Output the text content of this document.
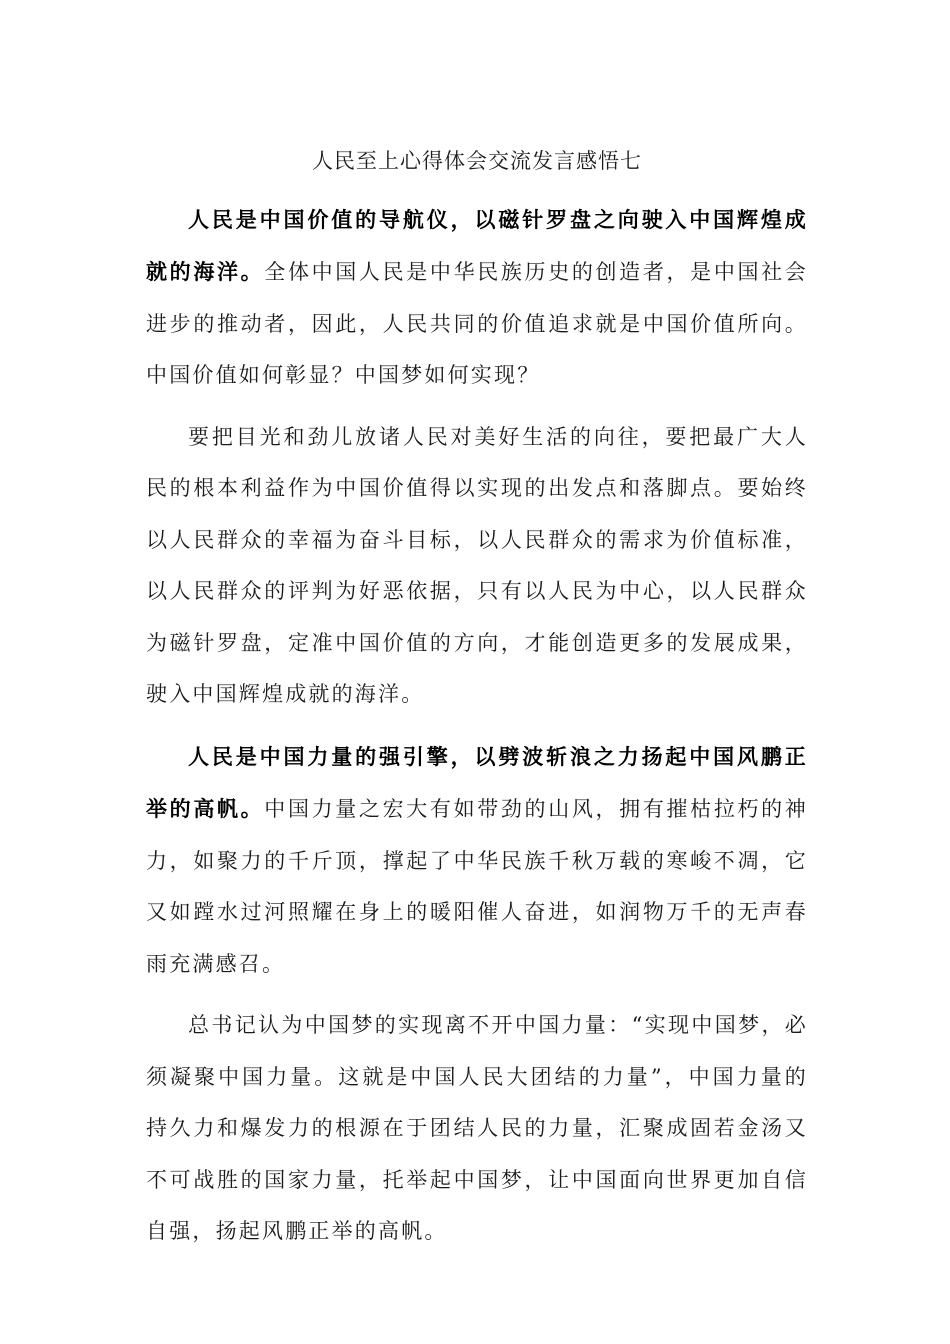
人民至上心得体会交流发言感悟七

人民是中国价值的导航仪，以磁针罗盘之向驶入中国辉煌成就的海洋。全体中国人民是中华民族历史的创造者，是中国社会进步的推动者，因此，人民共同的价值追求就是中国价值所向。中国价值如何彰显？中国梦如何实现？

要把目光和劲儿放诸人民对美好生活的向往，要把最广大人民的根本利益作为中国价值得以实现的出发点和落脚点。要始终以人民群众的幸福为奋斗目标，以人民群众的需求为价值标准，以人民群众的评判为好恶依据，只有以人民为中心，以人民群众为磁针罗盘，定准中国价值的方向，才能创造更多的发展成果，驶入中国辉煌成就的海洋。

人民是中国力量的强引擎，以劈波斩浪之力扬起中国风鹏正举的高帆。中国力量之宏大有如带劲的山风，拥有摧枯拉朽的神力，如聚力的千斤顶，撑起了中华民族千秋万载的寒峻不凋，它又如蹚水过河照耀在身上的暖阳催人奋进，如润物万千的无声春雨充满感召。

总书记认为中国梦的实现离不开中国力量：“实现中国梦，必须凝聚中国力量。这就是中国人民大团结的力量”，中国力量的持久力和爆发力的根源在于团结人民的力量，汇聚成固若金汤又不可战胜的国家力量，托举起中国梦，让中国面向世界更加自信自强，扬起风鹏正举的高帆。
